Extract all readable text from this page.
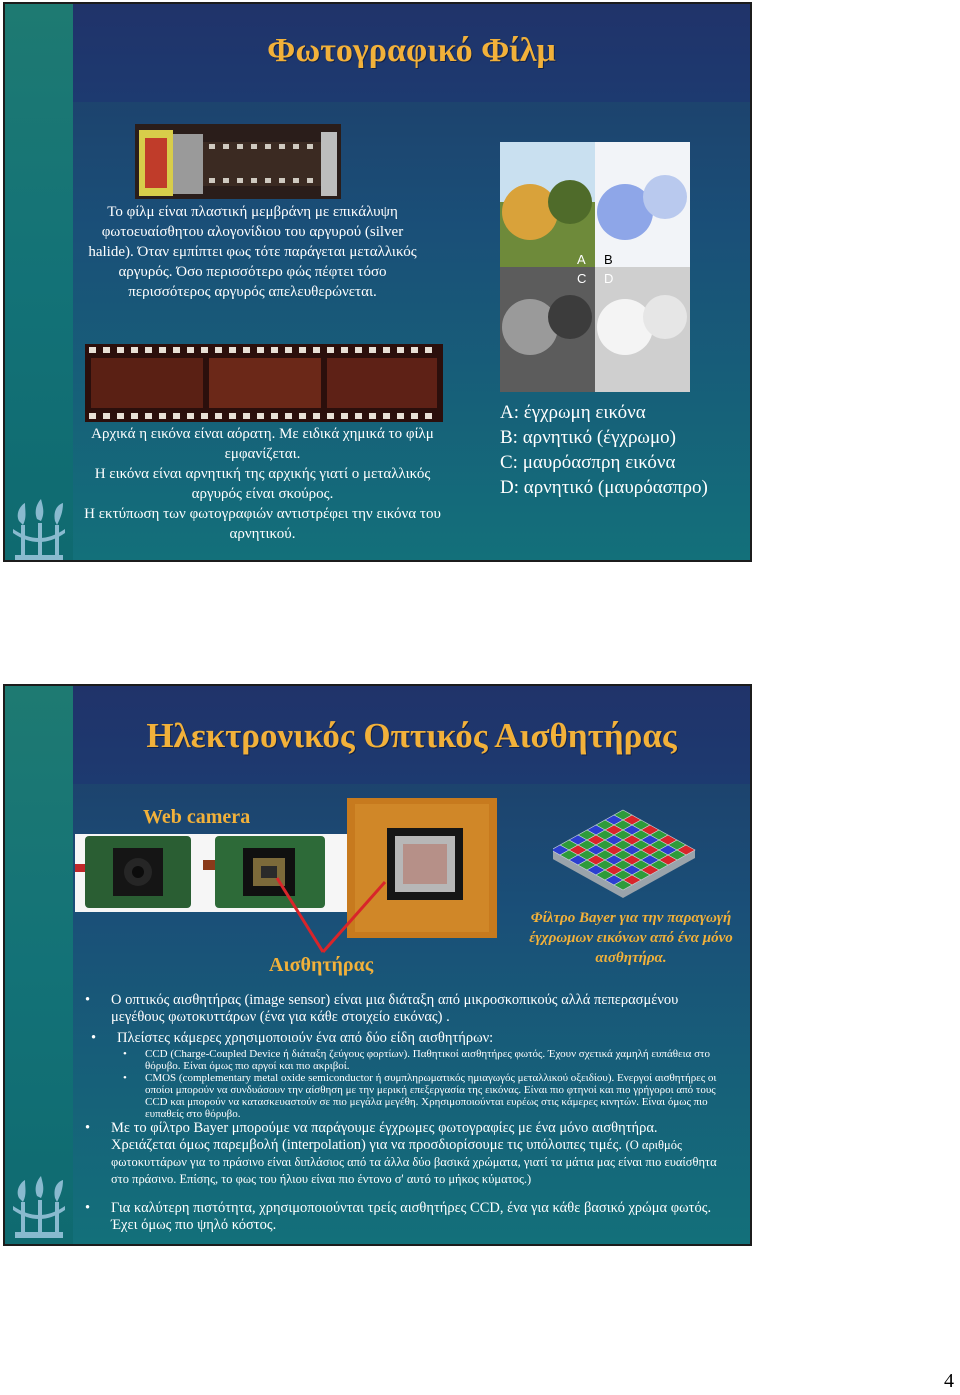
Φωτογραφικό Φίλμ
Το φίλμ είναι πλαστική μεμβράνη με επικάλυψη φωτοευαίσθητου αλογονίδιου του αργυρού (silver halide). Όταν εμπίπτει φως τότε παράγεται μεταλλικός αργυρός. Όσο περισσότερο φώς πέφτει τόσο περισσότερος αργυρός απελευθερώνεται.
A B
C D
Αρχικά η εικόνα είναι αόρατη. Με ειδικά χημικά το φίλμ εμφανίζεται.
Η εικόνα είναι αρνητική της αρχικής γιατί ο μεταλλικός αργυρός είναι σκούρος.
Η εκτύπωση των φωτογραφιών αντιστρέφει την εικόνα του αρνητικού.
A: έγχρωμη εικόνα
B: αρνητικό (έγχρωμο)
C: μαυρόασπρη εικόνα
D: αρνητικό (μαυρόασπρο)
Ηλεκτρονικός Οπτικός Αισθητήρας
Web camera
Αισθητήρας
Φίλτρο Bayer για την παραγωγή έγχρωμων εικόνων από ένα μόνο αισθητήρα.
• Ο οπτικός αισθητήρας (image sensor) είναι μια διάταξη από μικροσκοπικούς αλλά πεπερασμένου μεγέθους φωτοκυττάρων (ένα για κάθε στοιχείο εικόνας) .
• Πλείστες κάμερες χρησιμοποιούν ένα από δύο είδη αισθητήρων:
• CCD (Charge-Coupled Device ή διάταξη ζεύγους φορτίων). Παθητικοί αισθητήρες φωτός. Έχουν σχετικά χαμηλή ευπάθεια στο θόρυβο. Είναι όμως πιο αργοί και πιο ακριβοί.
• CMOS (complementary metal oxide semiconductor ή συμπληρωματικός ημιαγωγός μεταλλικού οξειδίου). Ενεργοί αισθητήρες οι οποίοι μπορούν να συνδυάσουν την αίσθηση με την μερική επεξεργασία της εικόνας. Είναι πιο φτηνοί και πιο γρήγοροι από τους CCD και μπορούν να κατασκευαστούν σε πιο μεγάλα μεγέθη. Χρησιμοποιούνται ευρέως στις κάμερες κινητών. Είναι όμως πιο ευπαθείς στο θόρυβο.
• Με το φίλτρο Bayer μπορούμε να παράγουμε έγχρωμες φωτογραφίες με ένα μόνο αισθητήρα. Χρειάζεται όμως παρεμβολή (interpolation) για να προσδιορίσουμε τις υπόλοιπες τιμές. (Ο αριθμός φωτοκυττάρων για το πράσινο είναι διπλάσιος από τα άλλα δύο βασικά χρώματα, γιατί τα μάτια μας είναι πιο ευαίσθητα στο πράσινο. Επίσης, το φως του ήλιου είναι πιο έντονο σ' αυτό το μήκος κύματος.)
• Για καλύτερη πιστότητα, χρησιμοποιούνται τρείς αισθητήρες CCD, ένα για κάθε βασικό χρώμα φωτός. Έχει όμως πιο ψηλό κόστος.
4
